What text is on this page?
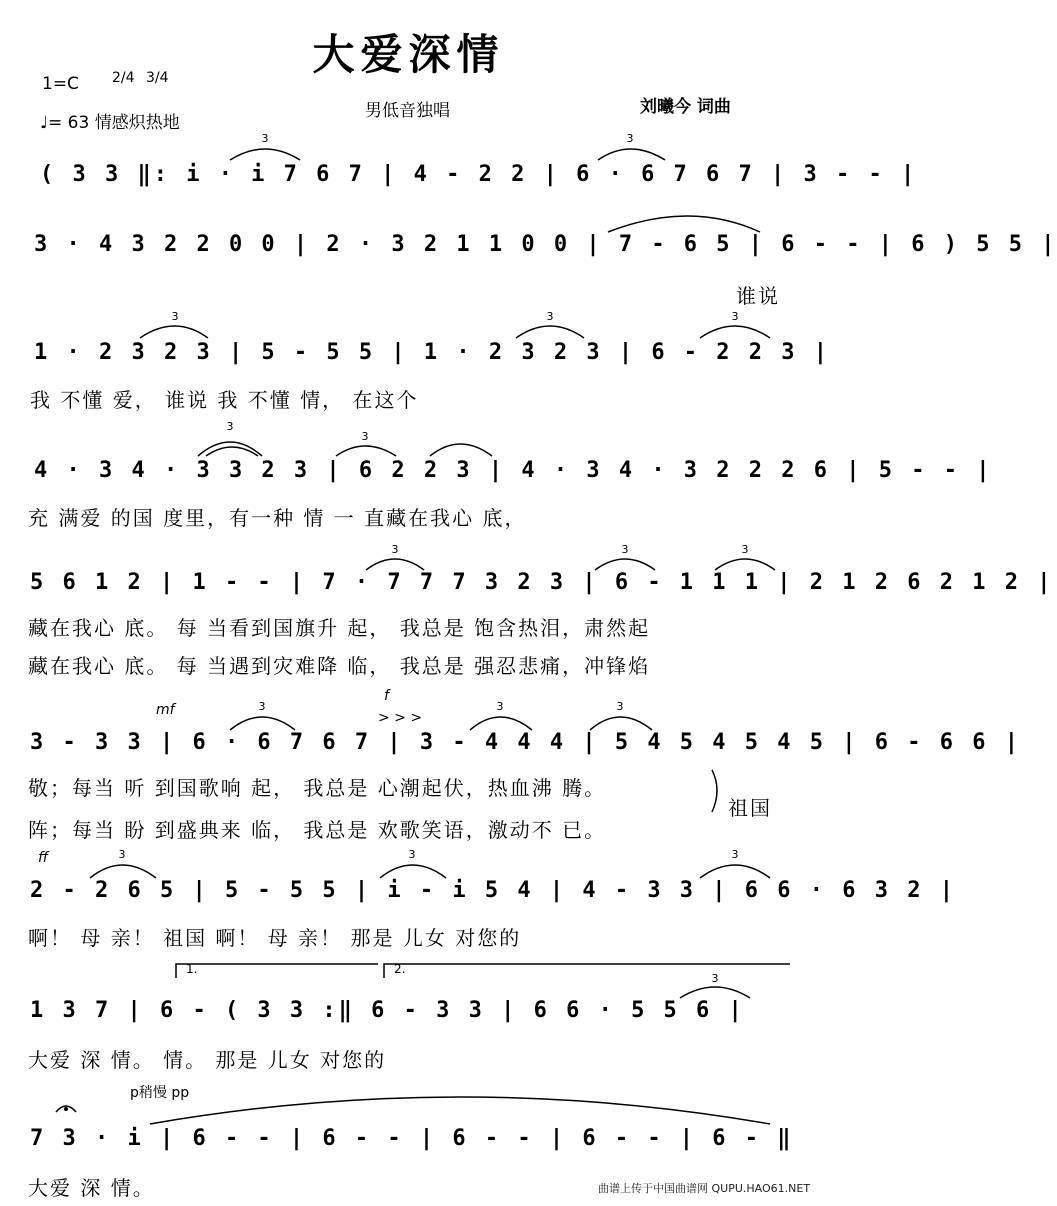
大爱深情
1=C 2/4 3/4
♩= 63 情感炽热地
男低音独唱	刘曦今 词曲
( 3 3 ‖: i · i 7 6 7 | 4 - 2 2 | 6 · 6 7 6 7 | 3 - - |
3 · 4 3 2 2 0 0 | 2 · 3 2 1 1 0 0 | 7 - 6 5 | 6 - - | 6 ) 5 5 |
谁说
1 · 2 3 2 3 | 5 - 5 5 | 1 · 2 3 2 3 | 6 - 2 2 3 |
我 不懂 爱， 谁说 我 不懂 情， 在这个
4 · 3 4 · 3 3 2 3 | 6 2 2 3 | 4 · 3 4 · 3 2 2 2 6 | 5 - - |
充 满爱 的国 度里，有一种 情 一 直藏在我心 底，
5 6 1 2 | 1 - - | 7 · 7 7 7 3 2 3 | 6 - 1 1 1 | 2 1 2 6 2 1 2 |
藏在我心 底。 每 当看到国旗升 起， 我总是 饱含热泪，肃然起
藏在我心 底。 每 当遇到灾难降 临， 我总是 强忍悲痛，冲锋焰
mf
f
> > >
3 - 3 3 | 6 · 6 7 6 7 | 3 - 4 4 4 | 5 4 5 4 5 4 5 | 6 - 6 6 |
敬；每当 听 到国歌响 起， 我总是 心潮起伏，热血沸 腾。
阵；每当 盼 到盛典来 临， 我总是 欢歌笑语，激动不 已。
祖国
ff
2 - 2 6 5 | 5 - 5 5 | i - i 5 4 | 4 - 3 3 | 6 6 · 6 3 2 |
啊！ 母 亲！ 祖国 啊！ 母 亲！ 那是 儿女 对您的
1.	2.
1 3 7 | 6 - ( 3 3 :‖ 6 - 3 3 | 6 6 · 5 5 6 |
大爱 深 情。 情。 那是 儿女 对您的
p稍慢 pp
7 3 · i | 6 - - | 6 - - | 6 - - | 6 - - | 6 - ‖
大爱 深 情。	曲谱上传于中国曲谱网 QUPU.HAO61.NET
3	3
3	3	3
3
3
3	3	3
3	3	3
3	3	3
3
